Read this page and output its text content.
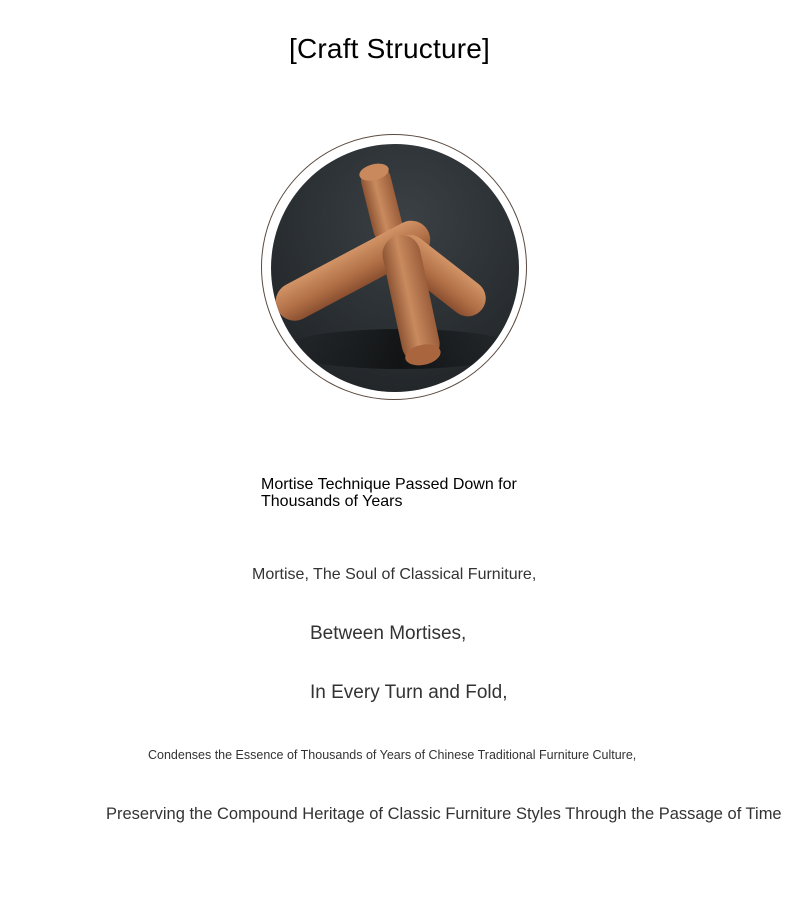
[Craft Structure]

Mortise Technique Passed Down for Thousands of Years

Mortise, The Soul of Classical Furniture,

Between Mortises,

In Every Turn and Fold,

Condenses the Essence of Thousands of Years of Chinese Traditional Furniture Culture,

Preserving the Compound Heritage of Classic Furniture Styles Through the Passage of Time
